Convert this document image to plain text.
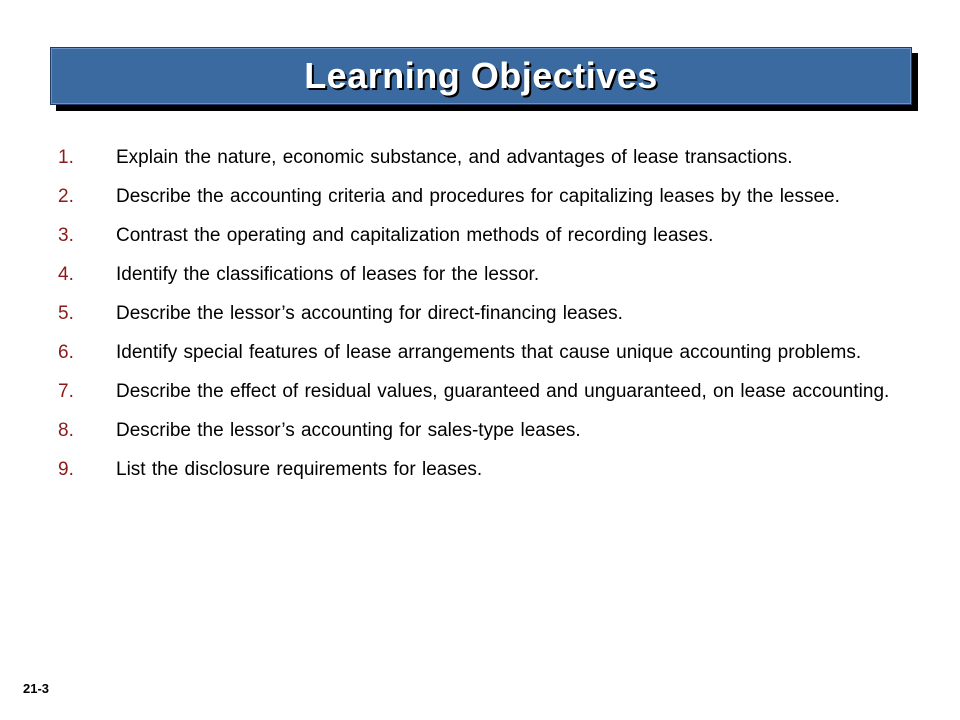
Learning Objectives
1.	Explain the nature, economic substance, and advantages of lease transactions.
2.	Describe the accounting criteria and procedures for capitalizing leases by the lessee.
3.	Contrast the operating and capitalization methods of recording leases.
4.	Identify the classifications of leases for the lessor.
5.	Describe the lessor’s accounting for direct-financing leases.
6.	Identify special features of lease arrangements that cause unique accounting problems.
7.	Describe the effect of residual values, guaranteed and unguaranteed, on lease accounting.
8.	Describe the lessor’s accounting for sales-type leases.
9.	List the disclosure requirements for leases.
21-3
